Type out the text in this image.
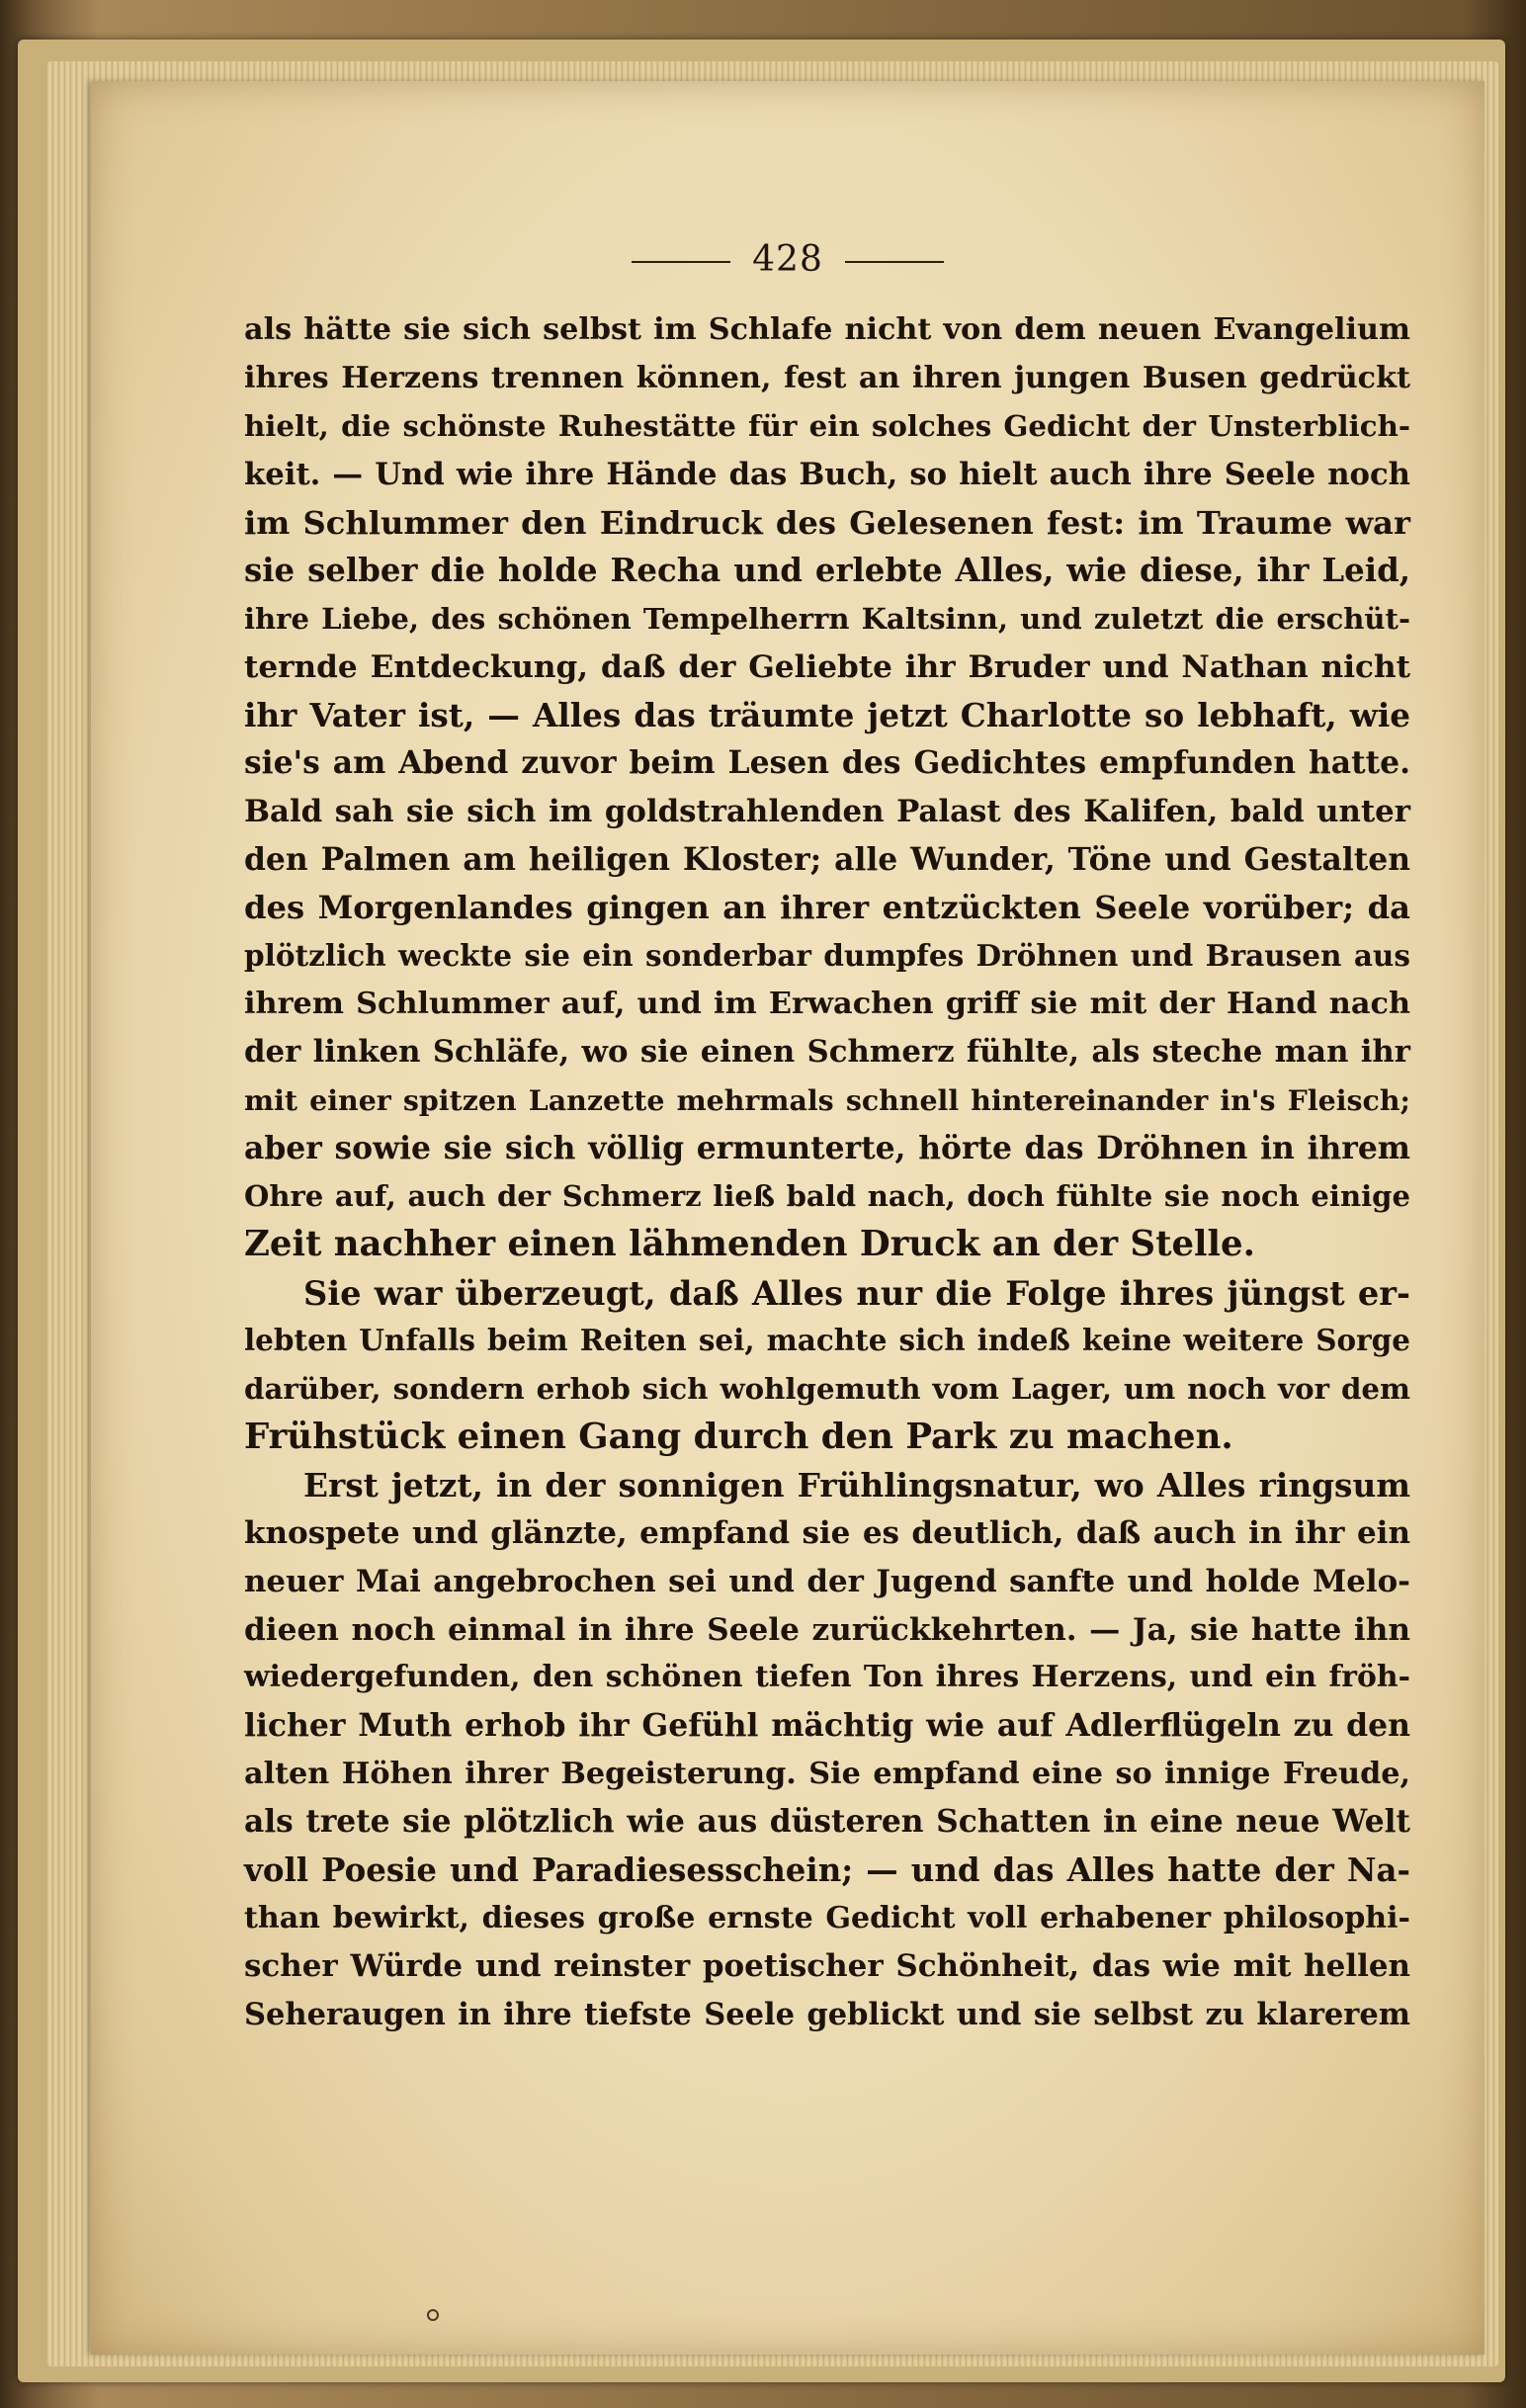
428
als hätte sie sich selbst im Schlafe nicht von dem neuen Evangelium
ihres Herzens trennen können, fest an ihren jungen Busen gedrückt
hielt, die schönste Ruhestätte für ein solches Gedicht der Unsterblich-
keit. — Und wie ihre Hände das Buch, so hielt auch ihre Seele noch
im Schlummer den Eindruck des Gelesenen fest: im Traume war
sie selber die holde Recha und erlebte Alles, wie diese, ihr Leid,
ihre Liebe, des schönen Tempelherrn Kaltsinn, und zuletzt die erschüt-
ternde Entdeckung, daß der Geliebte ihr Bruder und Nathan nicht
ihr Vater ist, — Alles das träumte jetzt Charlotte so lebhaft, wie
sie's am Abend zuvor beim Lesen des Gedichtes empfunden hatte.
Bald sah sie sich im goldstrahlenden Palast des Kalifen, bald unter
den Palmen am heiligen Kloster; alle Wunder, Töne und Gestalten
des Morgenlandes gingen an ihrer entzückten Seele vorüber; da
plötzlich weckte sie ein sonderbar dumpfes Dröhnen und Brausen aus
ihrem Schlummer auf, und im Erwachen griff sie mit der Hand nach
der linken Schläfe, wo sie einen Schmerz fühlte, als steche man ihr
mit einer spitzen Lanzette mehrmals schnell hintereinander in's Fleisch;
aber sowie sie sich völlig ermunterte, hörte das Dröhnen in ihrem
Ohre auf, auch der Schmerz ließ bald nach, doch fühlte sie noch einige
Zeit nachher einen lähmenden Druck an der Stelle.
Sie war überzeugt, daß Alles nur die Folge ihres jüngst er-
lebten Unfalls beim Reiten sei, machte sich indeß keine weitere Sorge
darüber, sondern erhob sich wohlgemuth vom Lager, um noch vor dem
Frühstück einen Gang durch den Park zu machen.
Erst jetzt, in der sonnigen Frühlingsnatur, wo Alles ringsum
knospete und glänzte, empfand sie es deutlich, daß auch in ihr ein
neuer Mai angebrochen sei und der Jugend sanfte und holde Melo-
dieen noch einmal in ihre Seele zurückkehrten. — Ja, sie hatte ihn
wiedergefunden, den schönen tiefen Ton ihres Herzens, und ein fröh-
licher Muth erhob ihr Gefühl mächtig wie auf Adlerflügeln zu den
alten Höhen ihrer Begeisterung. Sie empfand eine so innige Freude,
als trete sie plötzlich wie aus düsteren Schatten in eine neue Welt
voll Poesie und Paradiesesschein; — und das Alles hatte der Na-
than bewirkt, dieses große ernste Gedicht voll erhabener philosophi-
scher Würde und reinster poetischer Schönheit, das wie mit hellen
Seheraugen in ihre tiefste Seele geblickt und sie selbst zu klarerem
